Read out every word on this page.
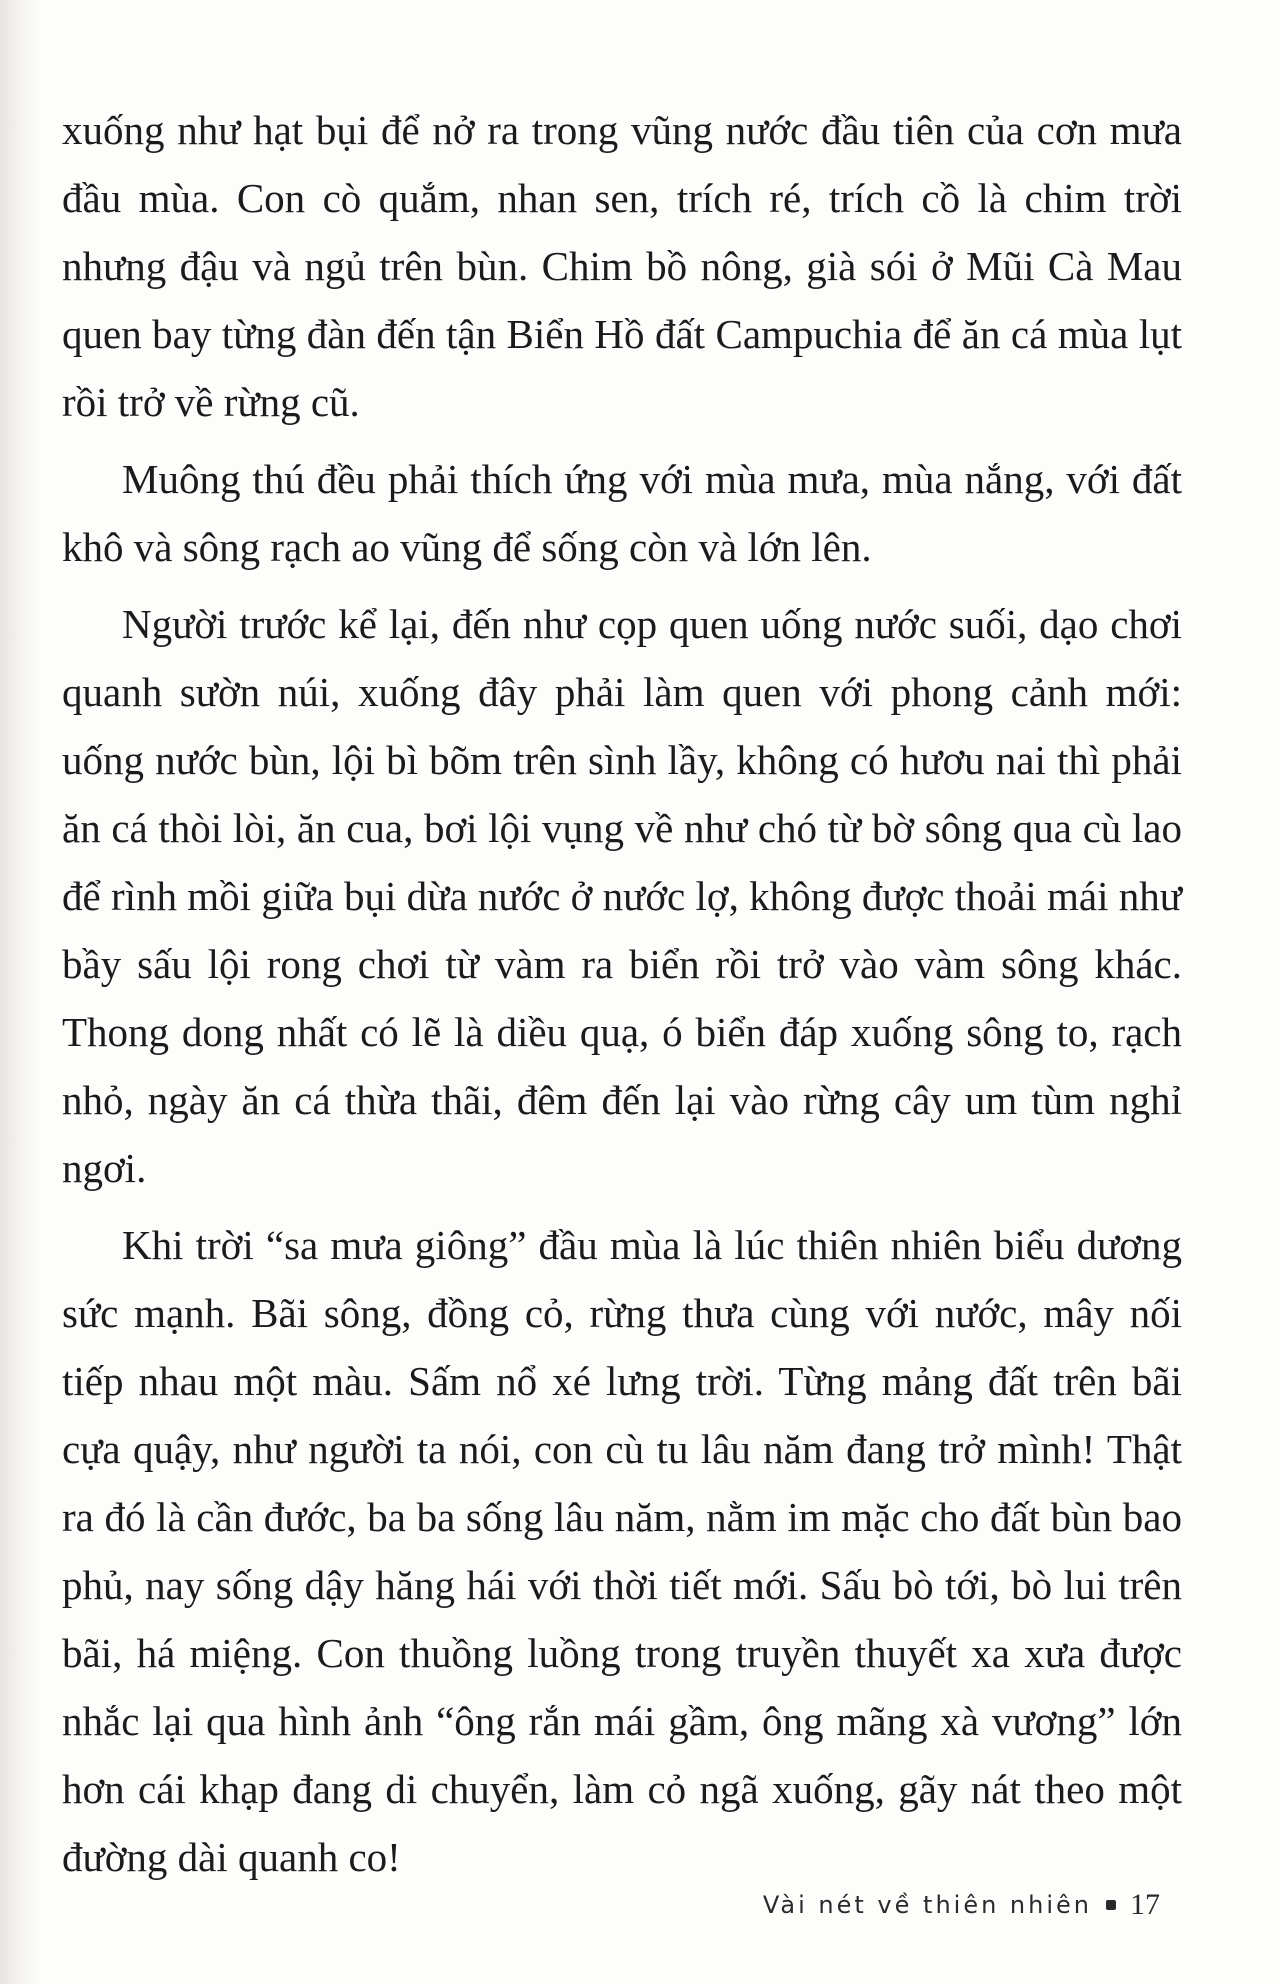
xuống như hạt bụi để nở ra trong vũng nước đầu tiên của cơn mưa đầu mùa. Con cò quắm, nhan sen, trích ré, trích cồ là chim trời nhưng đậu và ngủ trên bùn. Chim bồ nông, già sói ở Mũi Cà Mau quen bay từng đàn đến tận Biển Hồ đất Campuchia để ăn cá mùa lụt rồi trở về rừng cũ.

Muông thú đều phải thích ứng với mùa mưa, mùa nắng, với đất khô và sông rạch ao vũng để sống còn và lớn lên.

Người trước kể lại, đến như cọp quen uống nước suối, dạo chơi quanh sườn núi, xuống đây phải làm quen với phong cảnh mới: uống nước bùn, lội bì bõm trên sình lầy, không có hươu nai thì phải ăn cá thòi lòi, ăn cua, bơi lội vụng về như chó từ bờ sông qua cù lao để rình mồi giữa bụi dừa nước ở nước lợ, không được thoải mái như bầy sấu lội rong chơi từ vàm ra biển rồi trở vào vàm sông khác. Thong dong nhất có lẽ là diều quạ, ó biển đáp xuống sông to, rạch nhỏ, ngày ăn cá thừa thãi, đêm đến lại vào rừng cây um tùm nghỉ ngơi.

Khi trời “sa mưa giông” đầu mùa là lúc thiên nhiên biểu dương sức mạnh. Bãi sông, đồng cỏ, rừng thưa cùng với nước, mây nối tiếp nhau một màu. Sấm nổ xé lưng trời. Từng mảng đất trên bãi cựa quậy, như người ta nói, con cù tu lâu năm đang trở mình! Thật ra đó là cần đước, ba ba sống lâu năm, nằm im mặc cho đất bùn bao phủ, nay sống dậy hăng hái với thời tiết mới. Sấu bò tới, bò lui trên bãi, há miệng. Con thuồng luồng trong truyền thuyết xa xưa được nhắc lại qua hình ảnh “ông rắn mái gầm, ông mãng xà vương” lớn hơn cái khạp đang di chuyển, làm cỏ ngã xuống, gãy nát theo một đường dài quanh co!

Vài nét về thiên nhiên 17
